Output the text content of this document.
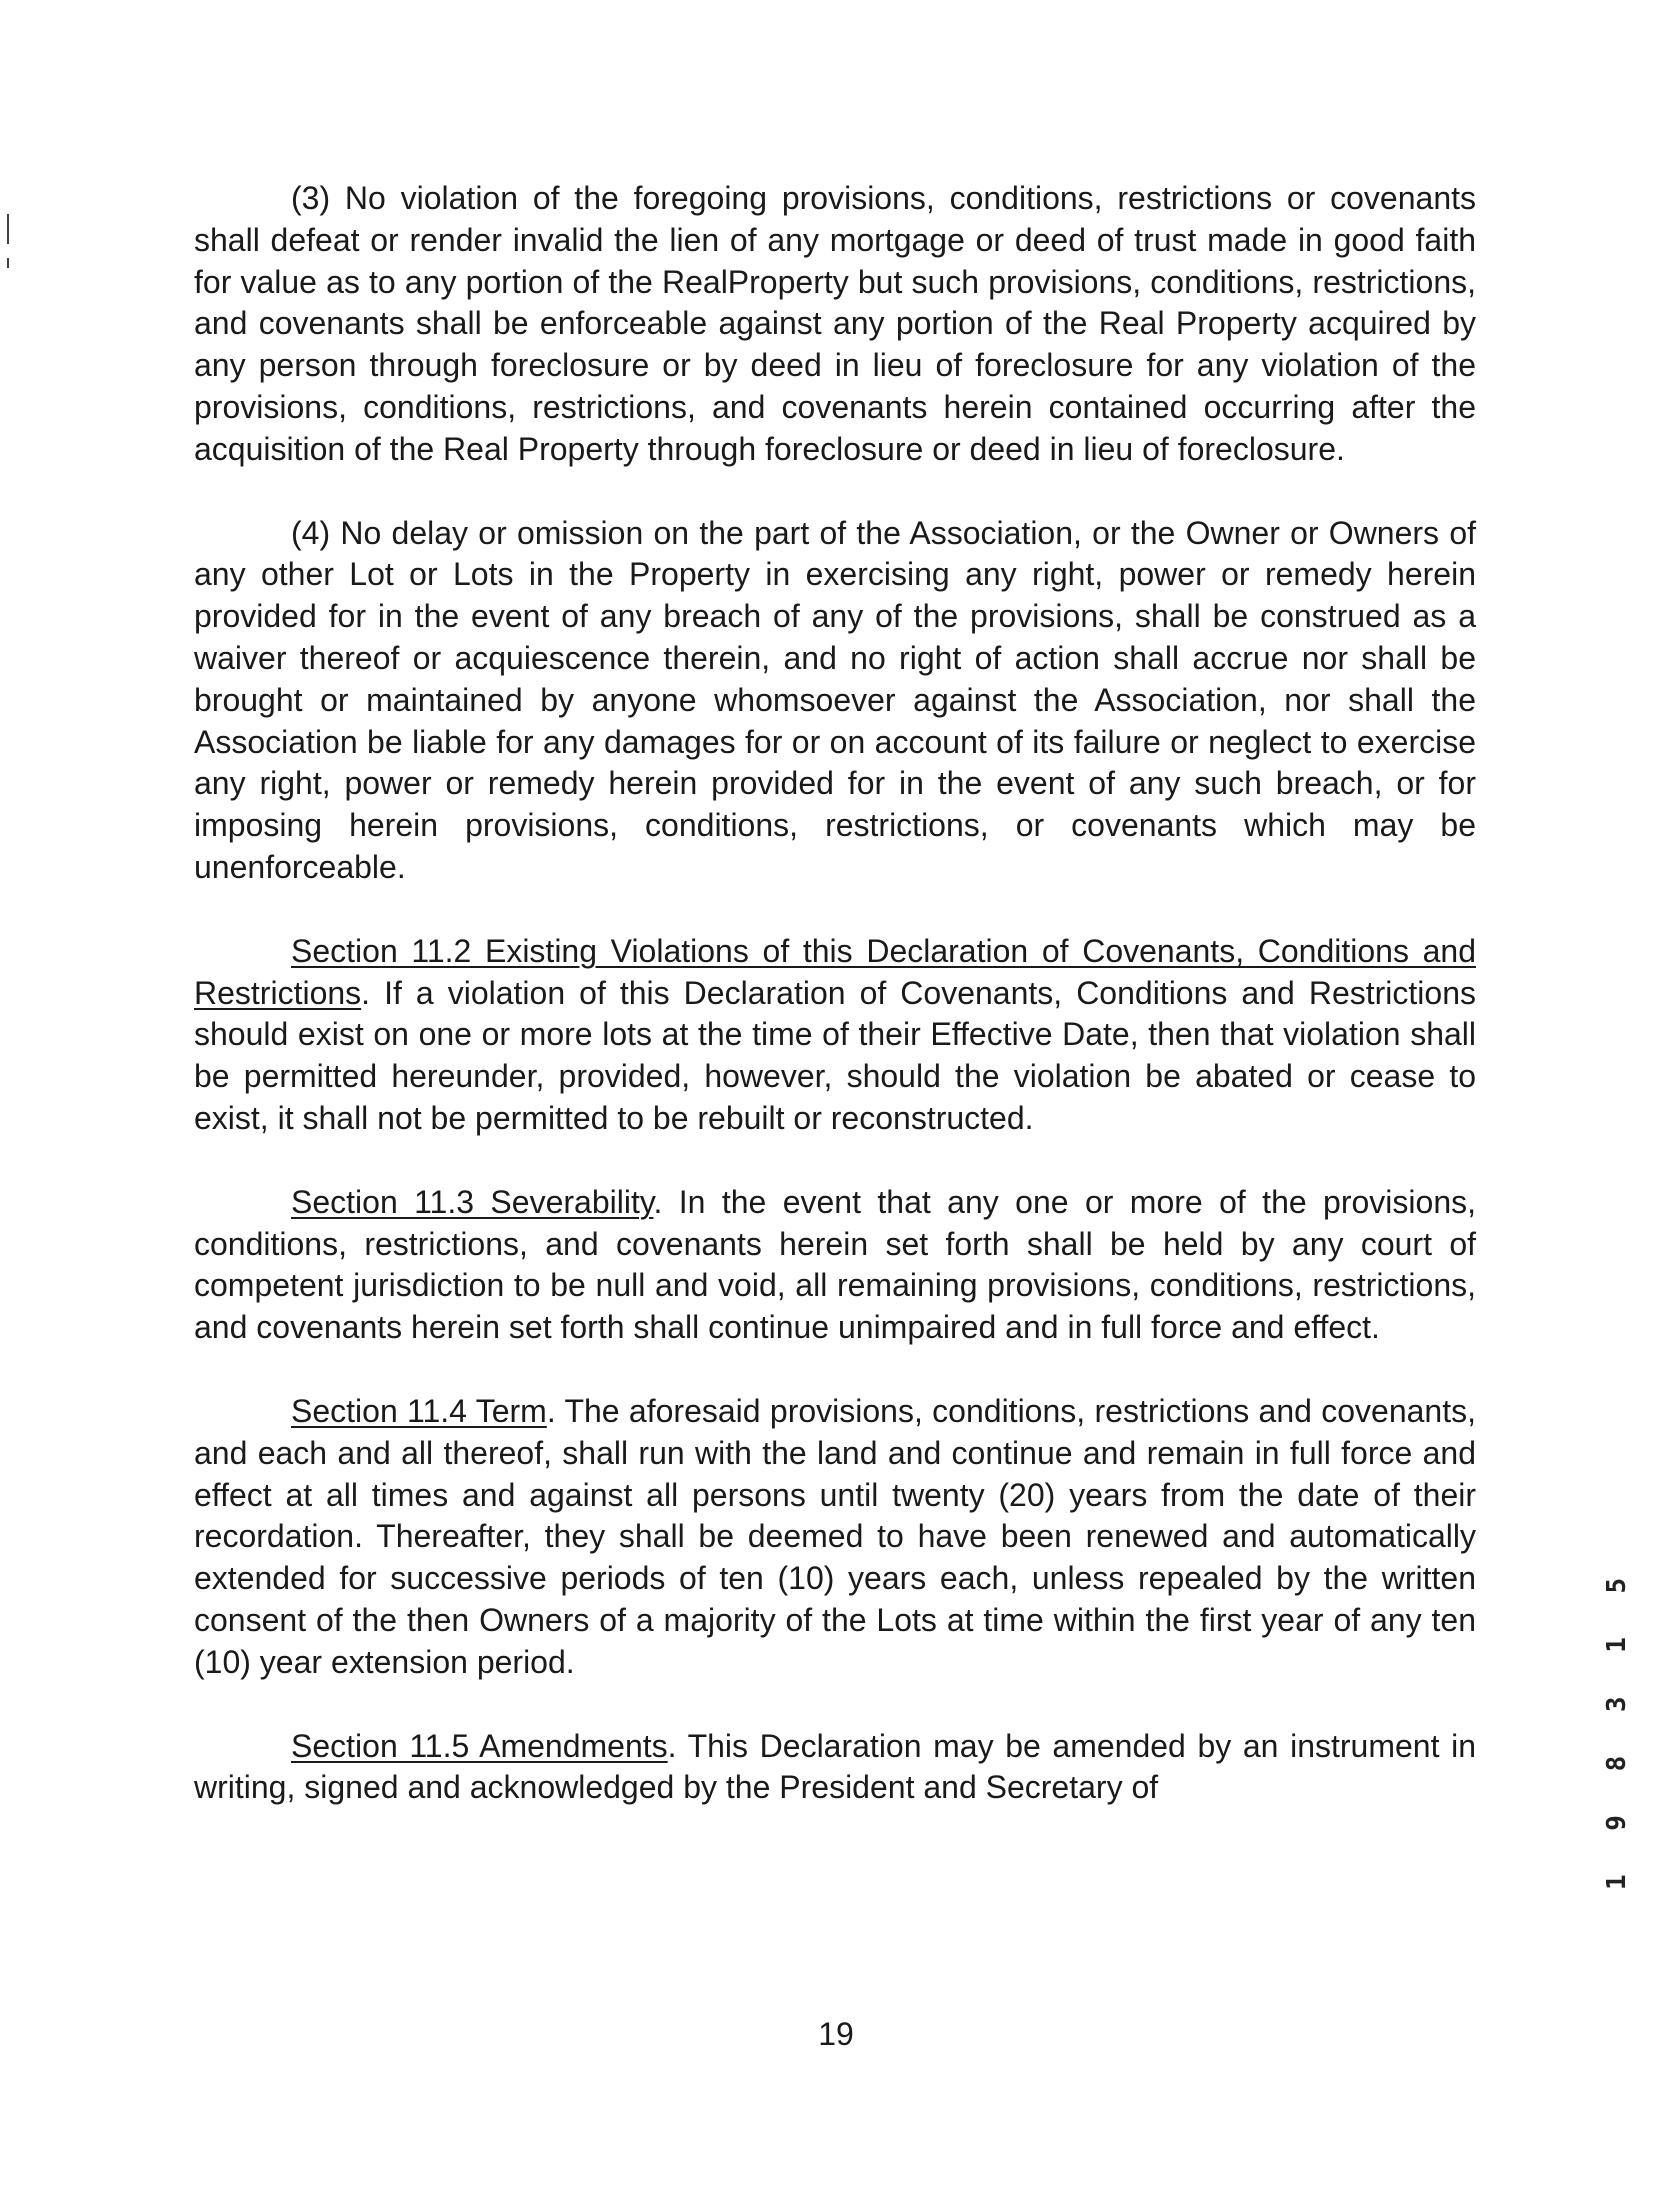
(3) No violation of the foregoing provisions, conditions, restrictions or covenants shall defeat or render invalid the lien of any mortgage or deed of trust made in good faith for value as to any portion of the RealProperty but such provisions, conditions, restrictions, and covenants shall be enforceable against any portion of the Real Property acquired by any person through foreclosure or by deed in lieu of foreclosure for any violation of the provisions, conditions, restrictions, and covenants herein contained occurring after the acquisition of the Real Property through foreclosure or deed in lieu of foreclosure.

(4) No delay or omission on the part of the Association, or the Owner or Owners of any other Lot or Lots in the Property in exercising any right, power or remedy herein provided for in the event of any breach of any of the provisions, shall be construed as a waiver thereof or acquiescence therein, and no right of action shall accrue nor shall be brought or maintained by anyone whomsoever against the Association, nor shall the Association be liable for any damages for or on account of its failure or neglect to exercise any right, power or remedy herein provided for in the event of any such breach, or for imposing herein provisions, conditions, restrictions, or covenants which may be unenforceable.

Section 11.2 Existing Violations of this Declaration of Covenants, Conditions and Restrictions. If a violation of this Declaration of Covenants, Conditions and Restrictions should exist on one or more lots at the time of their Effective Date, then that violation shall be permitted hereunder, provided, however, should the violation be abated or cease to exist, it shall not be permitted to be rebuilt or reconstructed.

Section 11.3 Severability. In the event that any one or more of the provisions, conditions, restrictions, and covenants herein set forth shall be held by any court of competent jurisdiction to be null and void, all remaining provisions, conditions, restrictions, and covenants herein set forth shall continue unimpaired and in full force and effect.

Section 11.4 Term. The aforesaid provisions, conditions, restrictions and covenants, and each and all thereof, shall run with the land and continue and remain in full force and effect at all times and against all persons until twenty (20) years from the date of their recordation. Thereafter, they shall be deemed to have been renewed and automatically extended for successive periods of ten (10) years each, unless repealed by the written consent of the then Owners of a majority of the Lots at time within the first year of any ten (10) year extension period.

Section 11.5 Amendments. This Declaration may be amended by an instrument in writing, signed and acknowledged by the President and Secretary of	1 9 8 3 1 5
19
